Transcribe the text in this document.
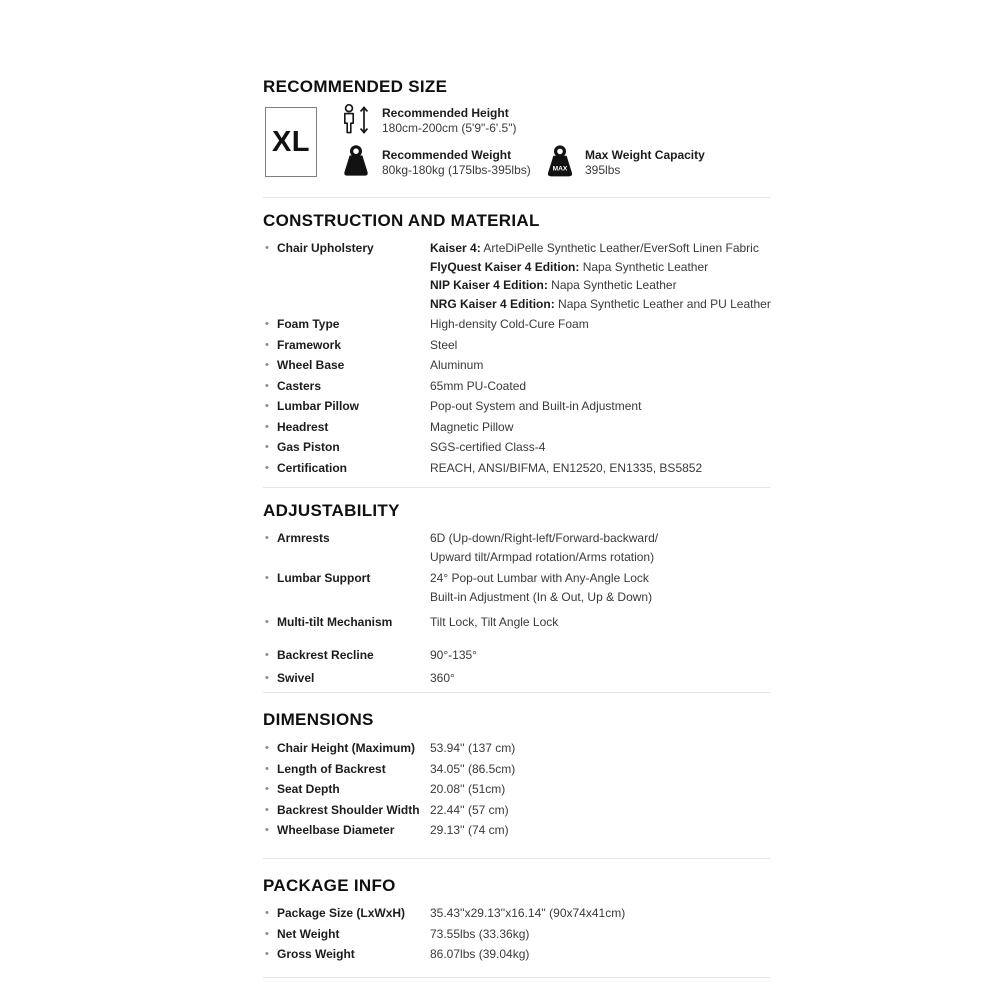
RECOMMENDED SIZE
XL
Recommended Height
180cm-200cm (5'9"-6'.5")
Recommended Weight
80kg-180kg (175lbs-395lbs)	MAX
Max Weight Capacity
395lbs
CONSTRUCTION AND MATERIAL
• Chair Upholstery	Kaiser 4: ArteDiPelle Synthetic Leather/EverSoft Linen Fabric
FlyQuest Kaiser 4 Edition: Napa Synthetic Leather
NIP Kaiser 4 Edition: Napa Synthetic Leather
NRG Kaiser 4 Edition: Napa Synthetic Leather and PU Leather
• Foam Type	High-density Cold-Cure Foam
• Framework	Steel
• Wheel Base	Aluminum
• Casters	65mm PU-Coated
• Lumbar Pillow	Pop-out System and Built-in Adjustment
• Headrest	Magnetic Pillow
• Gas Piston	SGS-certified Class-4
• Certification	REACH, ANSI/BIFMA, EN12520, EN1335, BS5852
ADJUSTABILITY
• Armrests	6D (Up-down/Right-left/Forward-backward/
Upward tilt/Armpad rotation/Arms rotation)
• Lumbar Support	24° Pop-out Lumbar with Any-Angle Lock
Built-in Adjustment (In & Out, Up & Down)
• Multi-tilt Mechanism	Tilt Lock, Tilt Angle Lock
• Backrest Recline	90°-135°
• Swivel	360°
DIMENSIONS
• Chair Height (Maximum)	53.94'' (137 cm)
• Length of Backrest	34.05'' (86.5cm)
• Seat Depth	20.08'' (51cm)
• Backrest Shoulder Width 22.44'' (57 cm)
• Wheelbase Diameter	29.13'' (74 cm)
PACKAGE INFO
• Package Size (LxWxH)	35.43''x29.13''x16.14'' (90x74x41cm)
• Net Weight	73.55lbs (33.36kg)
• Gross Weight	86.07lbs (39.04kg)
